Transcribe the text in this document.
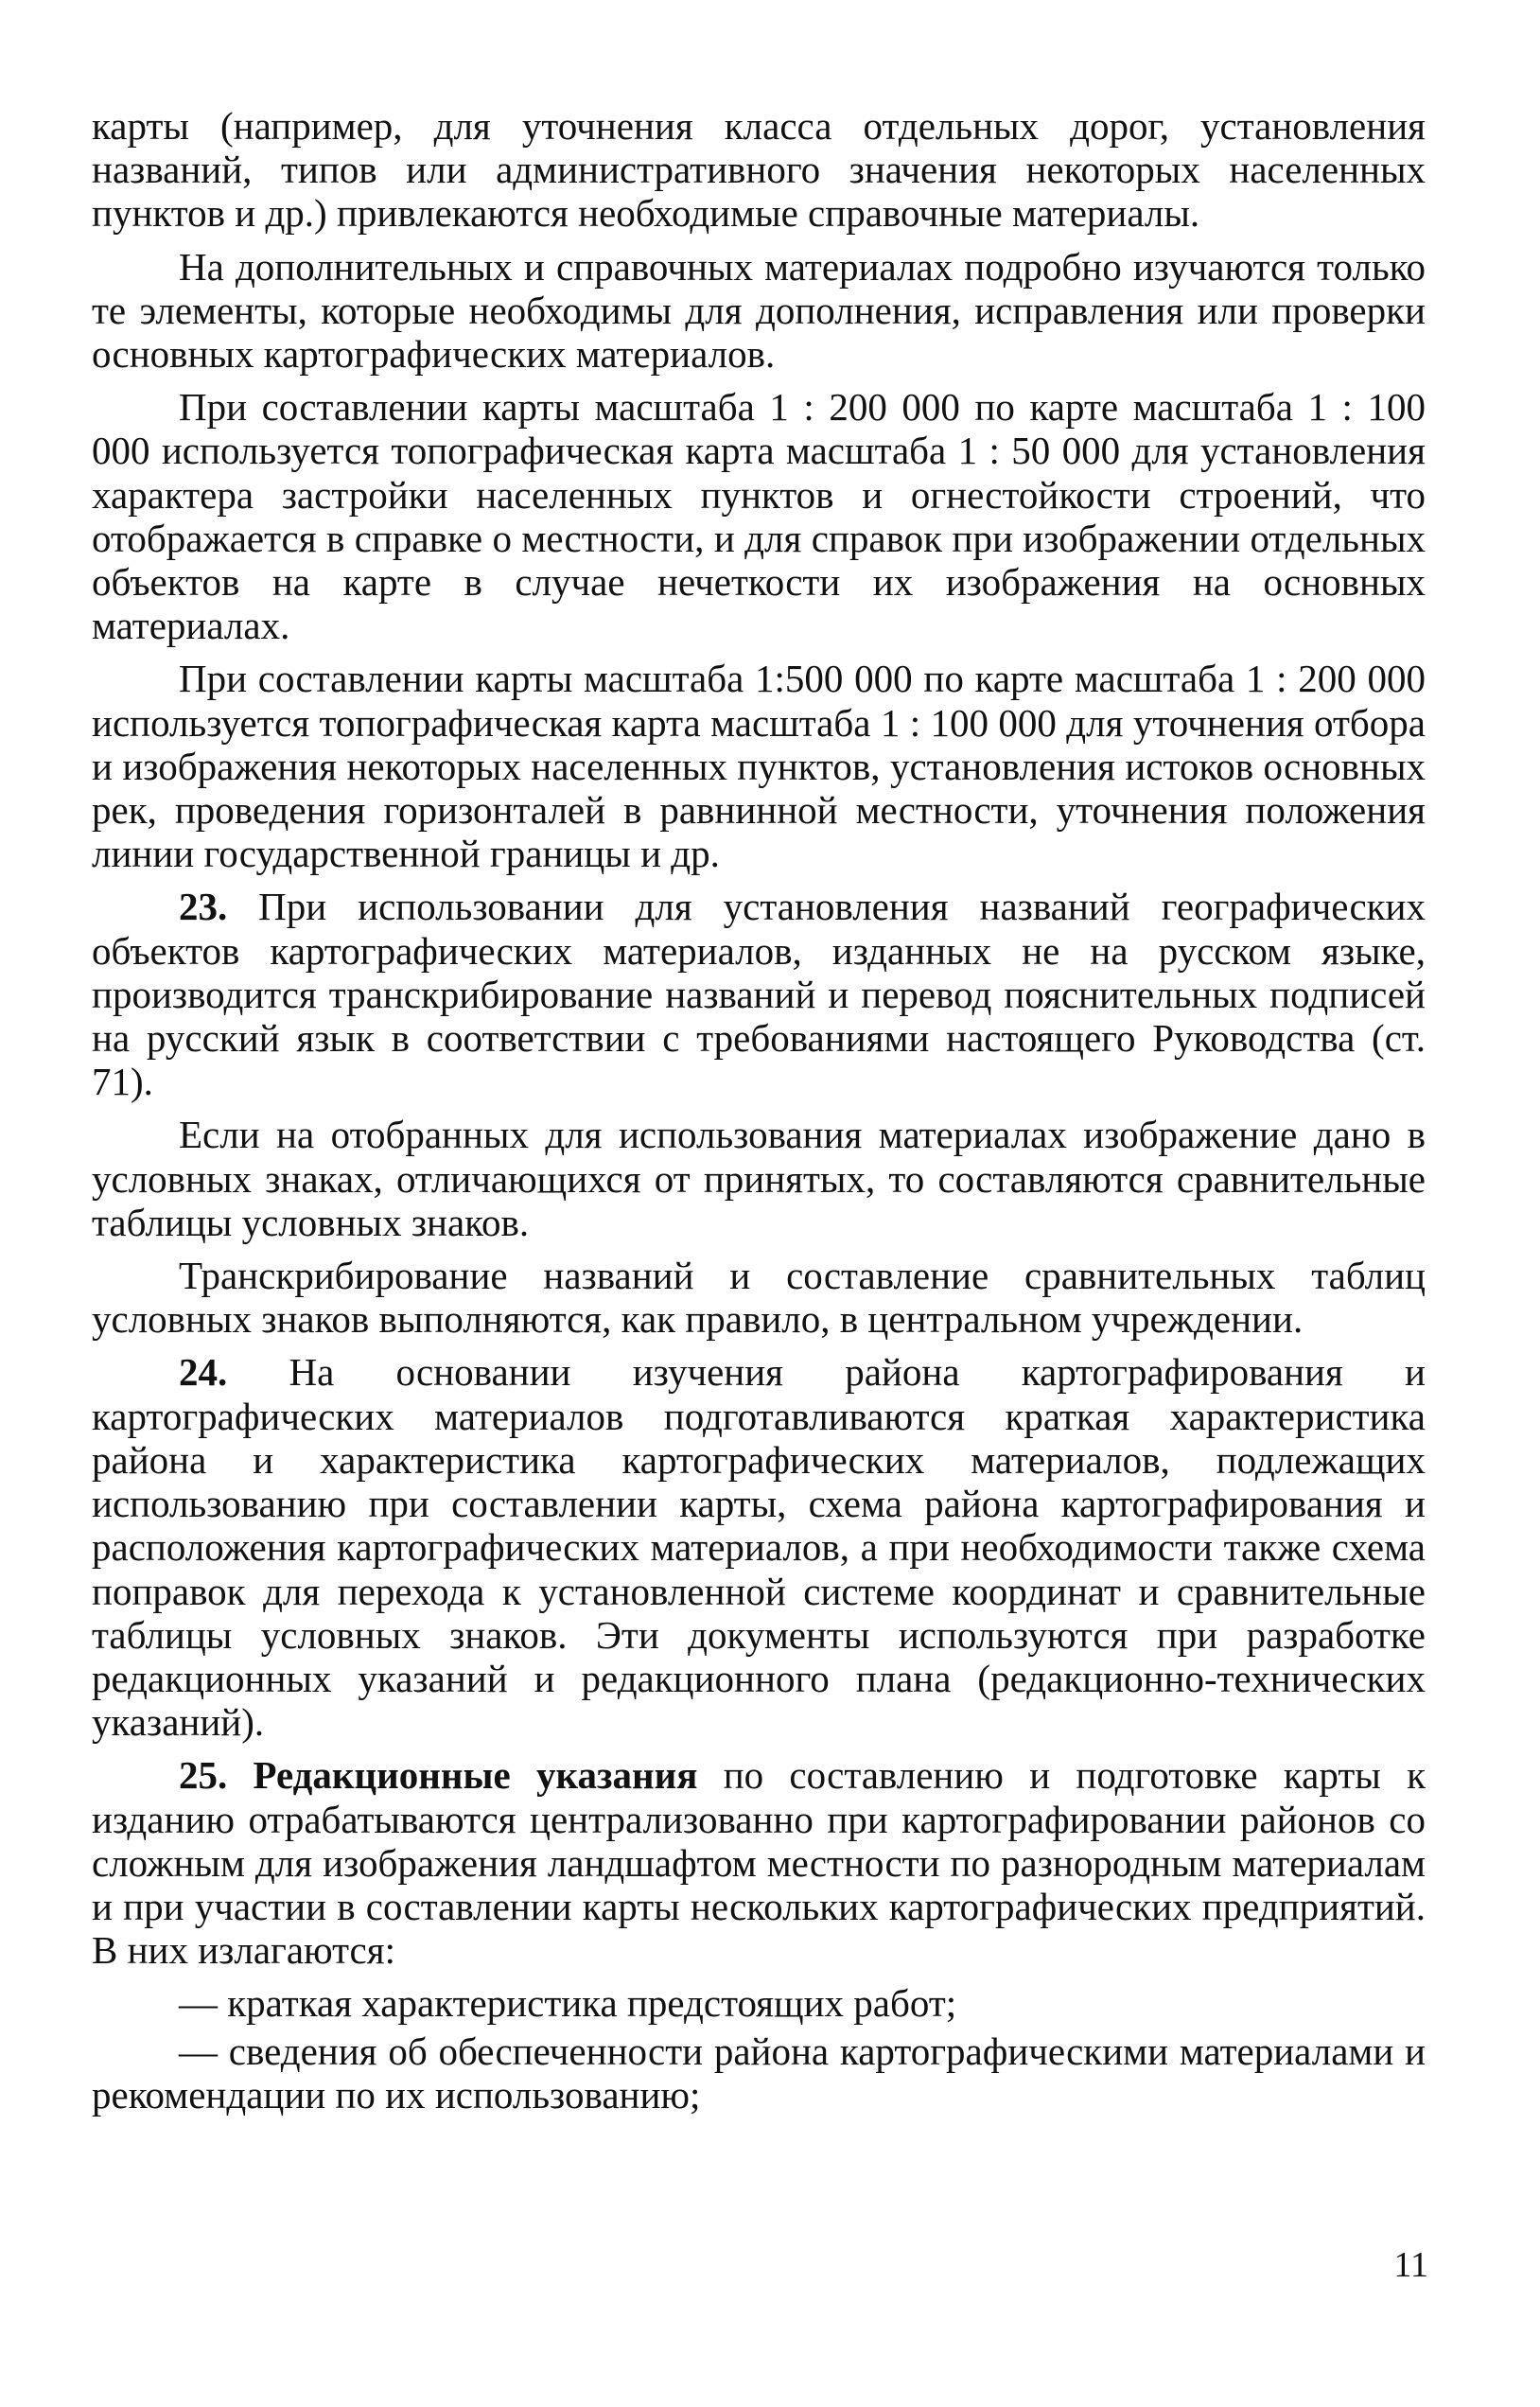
карты (например, для уточнения класса отдельных дорог, установления названий, типов или административного значения некоторых населенных пунктов и др.) привлекаются необходимые справочные материалы.

На дополнительных и справочных материалах подробно изучаются только те элементы, которые необходимы для дополнения, исправления или проверки основных картографических материалов.

При составлении карты масштаба 1 : 200 000 по карте масштаба 1 : 100 000 используется топографическая карта масштаба 1 : 50 000 для установления характера застройки населенных пунктов и огнестойкости строений, что отображается в справке о местности, и для справок при изображении отдельных объектов на карте в случае нечеткости их изображения на основных материалах.

При составлении карты масштаба 1:500 000 по карте масштаба 1 : 200 000 используется топографическая карта масштаба 1 : 100 000 для уточнения отбора и изображения некоторых населенных пунктов, установления истоков основных рек, проведения горизонталей в равнинной местности, уточнения положения линии государственной границы и др.

23. При использовании для установления названий географических объектов картографических материалов, изданных не на русском языке, производится транскрибирование названий и перевод пояснительных подписей на русский язык в соответствии с требованиями настоящего Руководства (ст. 71).

Если на отобранных для использования материалах изображение дано в условных знаках, отличающихся от принятых, то составляются сравнительные таблицы условных знаков.

Транскрибирование названий и составление сравнительных таблиц условных знаков выполняются, как правило, в центральном учреждении.

24. На основании изучения района картографирования и картографических материалов подготавливаются краткая характеристика района и характеристика картографических материалов, подлежащих использованию при составлении карты, схема района картографирования и расположения картографических материалов, а при необходимости также схема поправок для перехода к установленной системе координат и сравнительные таблицы условных знаков. Эти документы используются при разработке редакционных указаний и редакционного плана (редакционно-технических указаний).

25. Редакционные указания по составлению и подготовке карты к изданию отрабатываются централизованно при картографировании районов со сложным для изображения ландшафтом местности по разнородным материалам и при участии в составлении карты нескольких картографических предприятий. В них излагаются:

— краткая характеристика предстоящих работ;

— сведения об обеспеченности района картографическими материалами и рекомендации по их использованию;

11
